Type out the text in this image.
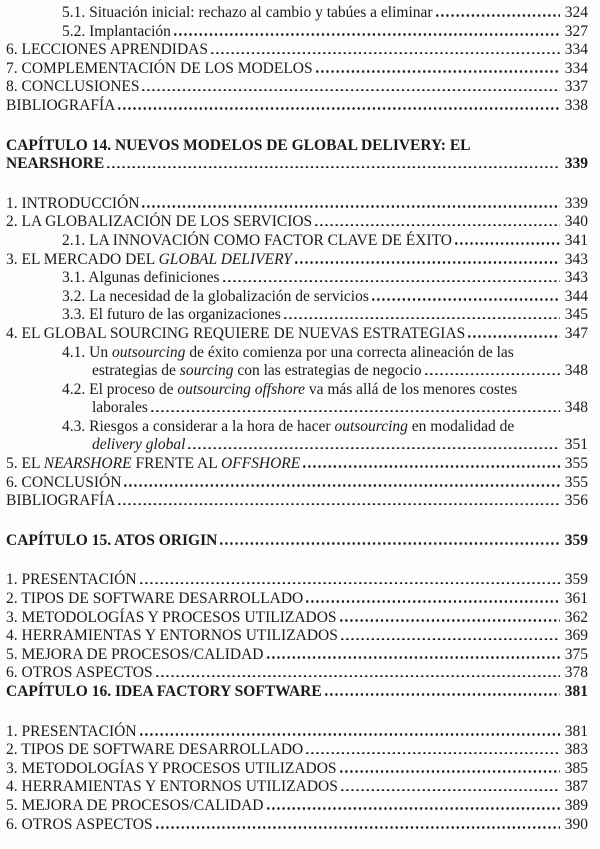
5.1. Situación inicial: rechazo al cambio y tabúes a eliminar	324
5.2. Implantación	327
6. LECCIONES APRENDIDAS	334
7. COMPLEMENTACIÓN DE LOS MODELOS	334
8. CONCLUSIONES	337
BIBLIOGRAFÍA	338
CAPÍTULO 14. NUEVOS MODELOS DE GLOBAL DELIVERY: EL
NEARSHORE	339
1. INTRODUCCIÓN	339
2. LA GLOBALIZACIÓN DE LOS SERVICIOS	340
2.1. LA INNOVACIÓN COMO FACTOR CLAVE DE ÉXITO	341
3. EL MERCADO DEL GLOBAL DELIVERY	343
3.1. Algunas definiciones	343
3.2. La necesidad de la globalización de servicios	344
3.3. El futuro de las organizaciones	345
4. EL GLOBAL SOURCING REQUIERE DE NUEVAS ESTRATEGIAS	347
4.1. Un outsourcing de éxito comienza por una correcta alineación de las
estrategias de sourcing con las estrategias de negocio	348
4.2. El proceso de outsourcing offshore va más allá de los menores costes
laborales	348
4.3. Riesgos a considerar a la hora de hacer outsourcing en modalidad de
delivery global	351
5. EL NEARSHORE FRENTE AL OFFSHORE	355
6. CONCLUSIÓN	355
BIBLIOGRAFÍA	356
CAPÍTULO 15. ATOS ORIGIN	359
1. PRESENTACIÓN	359
2. TIPOS DE SOFTWARE DESARROLLADO	361
3. METODOLOGÍAS Y PROCESOS UTILIZADOS	362
4. HERRAMIENTAS Y ENTORNOS UTILIZADOS	369
5. MEJORA DE PROCESOS/CALIDAD	375
6. OTROS ASPECTOS	378
CAPÍTULO 16. IDEA FACTORY SOFTWARE	381
1. PRESENTACIÓN	381
2. TIPOS DE SOFTWARE DESARROLLADO	383
3. METODOLOGÍAS Y PROCESOS UTILIZADOS	385
4. HERRAMIENTAS Y ENTORNOS UTILIZADOS	387
5. MEJORA DE PROCESOS/CALIDAD	389
6. OTROS ASPECTOS	390
